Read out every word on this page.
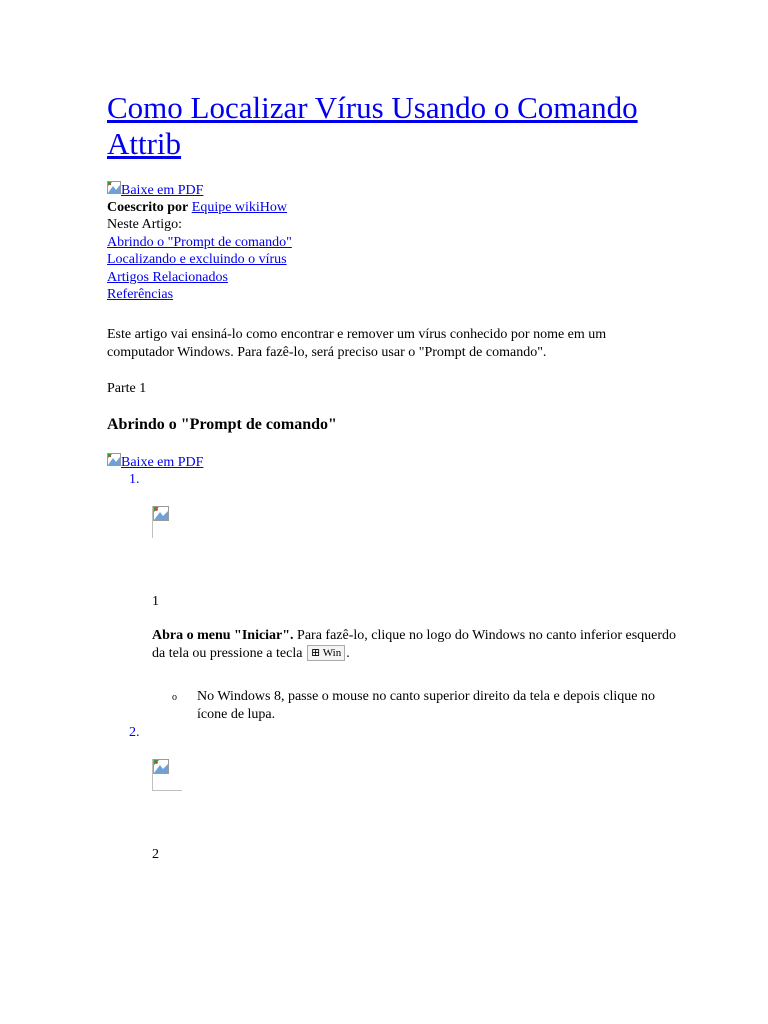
Como Localizar Vírus Usando o Comando Attrib
Baixe em PDF
Coescrito por Equipe wikiHow
Neste Artigo:
Abrindo o "Prompt de comando"
Localizando e excluindo o vírus
Artigos Relacionados
Referências

Este artigo vai ensiná-lo como encontrar e remover um vírus conhecido por nome em um computador Windows. Para fazê-lo, será preciso usar o "Prompt de comando".

Parte 1

Abrindo o "Prompt de comando"
Baixe em PDF
1.
1

Abra o menu "Iniciar". Para fazê-lo, clique no logo do Windows no canto inferior esquerdo da tela ou pressione a tecla ⊞ Win .

o No Windows 8, passe o mouse no canto superior direito da tela e depois clique no ícone de lupa.

2.
2
